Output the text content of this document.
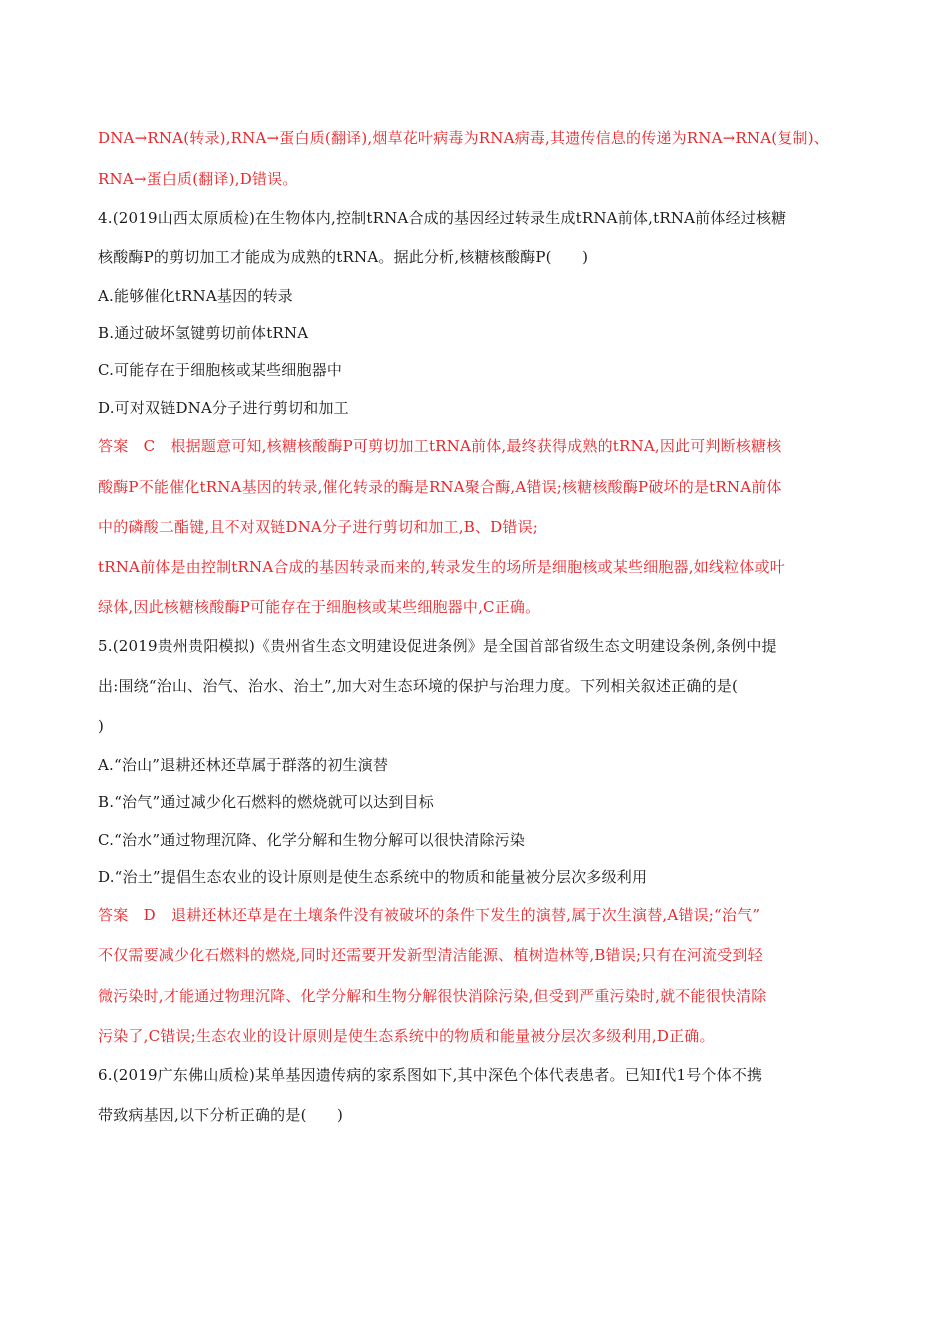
DNA→RNA(转录),RNA→蛋白质(翻译),烟草花叶病毒为RNA病毒,其遗传信息的传递为RNA→RNA(复制)、
RNA→蛋白质(翻译),D错误。
4.(2019山西太原质检)在生物体内,控制tRNA合成的基因经过转录生成tRNA前体,tRNA前体经过核糖
核酸酶P的剪切加工才能成为成熟的tRNA。据此分析,核糖核酸酶P(　　)
A.能够催化tRNA基因的转录
B.通过破坏氢键剪切前体tRNA
C.可能存在于细胞核或某些细胞器中
D.可对双链DNA分子进行剪切和加工
答案　C　根据题意可知,核糖核酸酶P可剪切加工tRNA前体,最终获得成熟的tRNA,因此可判断核糖核
酸酶P不能催化tRNA基因的转录,催化转录的酶是RNA聚合酶,A错误;核糖核酸酶P破坏的是tRNA前体
中的磷酸二酯键,且不对双链DNA分子进行剪切和加工,B、D错误;
tRNA前体是由控制tRNA合成的基因转录而来的,转录发生的场所是细胞核或某些细胞器,如线粒体或叶
绿体,因此核糖核酸酶P可能存在于细胞核或某些细胞器中,C正确。
5.(2019贵州贵阳模拟)《贵州省生态文明建设促进条例》是全国首部省级生态文明建设条例,条例中提
出:围绕“治山、治气、治水、治土”,加大对生态环境的保护与治理力度。下列相关叙述正确的是(
)
A.“治山”退耕还林还草属于群落的初生演替
B.“治气”通过减少化石燃料的燃烧就可以达到目标
C.“治水”通过物理沉降、化学分解和生物分解可以很快清除污染
D.“治土”提倡生态农业的设计原则是使生态系统中的物质和能量被分层次多级利用
答案　D　退耕还林还草是在土壤条件没有被破坏的条件下发生的演替,属于次生演替,A错误;“治气”
不仅需要减少化石燃料的燃烧,同时还需要开发新型清洁能源、植树造林等,B错误;只有在河流受到轻
微污染时,才能通过物理沉降、化学分解和生物分解很快消除污染,但受到严重污染时,就不能很快清除
污染了,C错误;生态农业的设计原则是使生态系统中的物质和能量被分层次多级利用,D正确。
6.(2019广东佛山质检)某单基因遗传病的家系图如下,其中深色个体代表患者。已知Ⅰ代1号个体不携
带致病基因,以下分析正确的是(　　)
